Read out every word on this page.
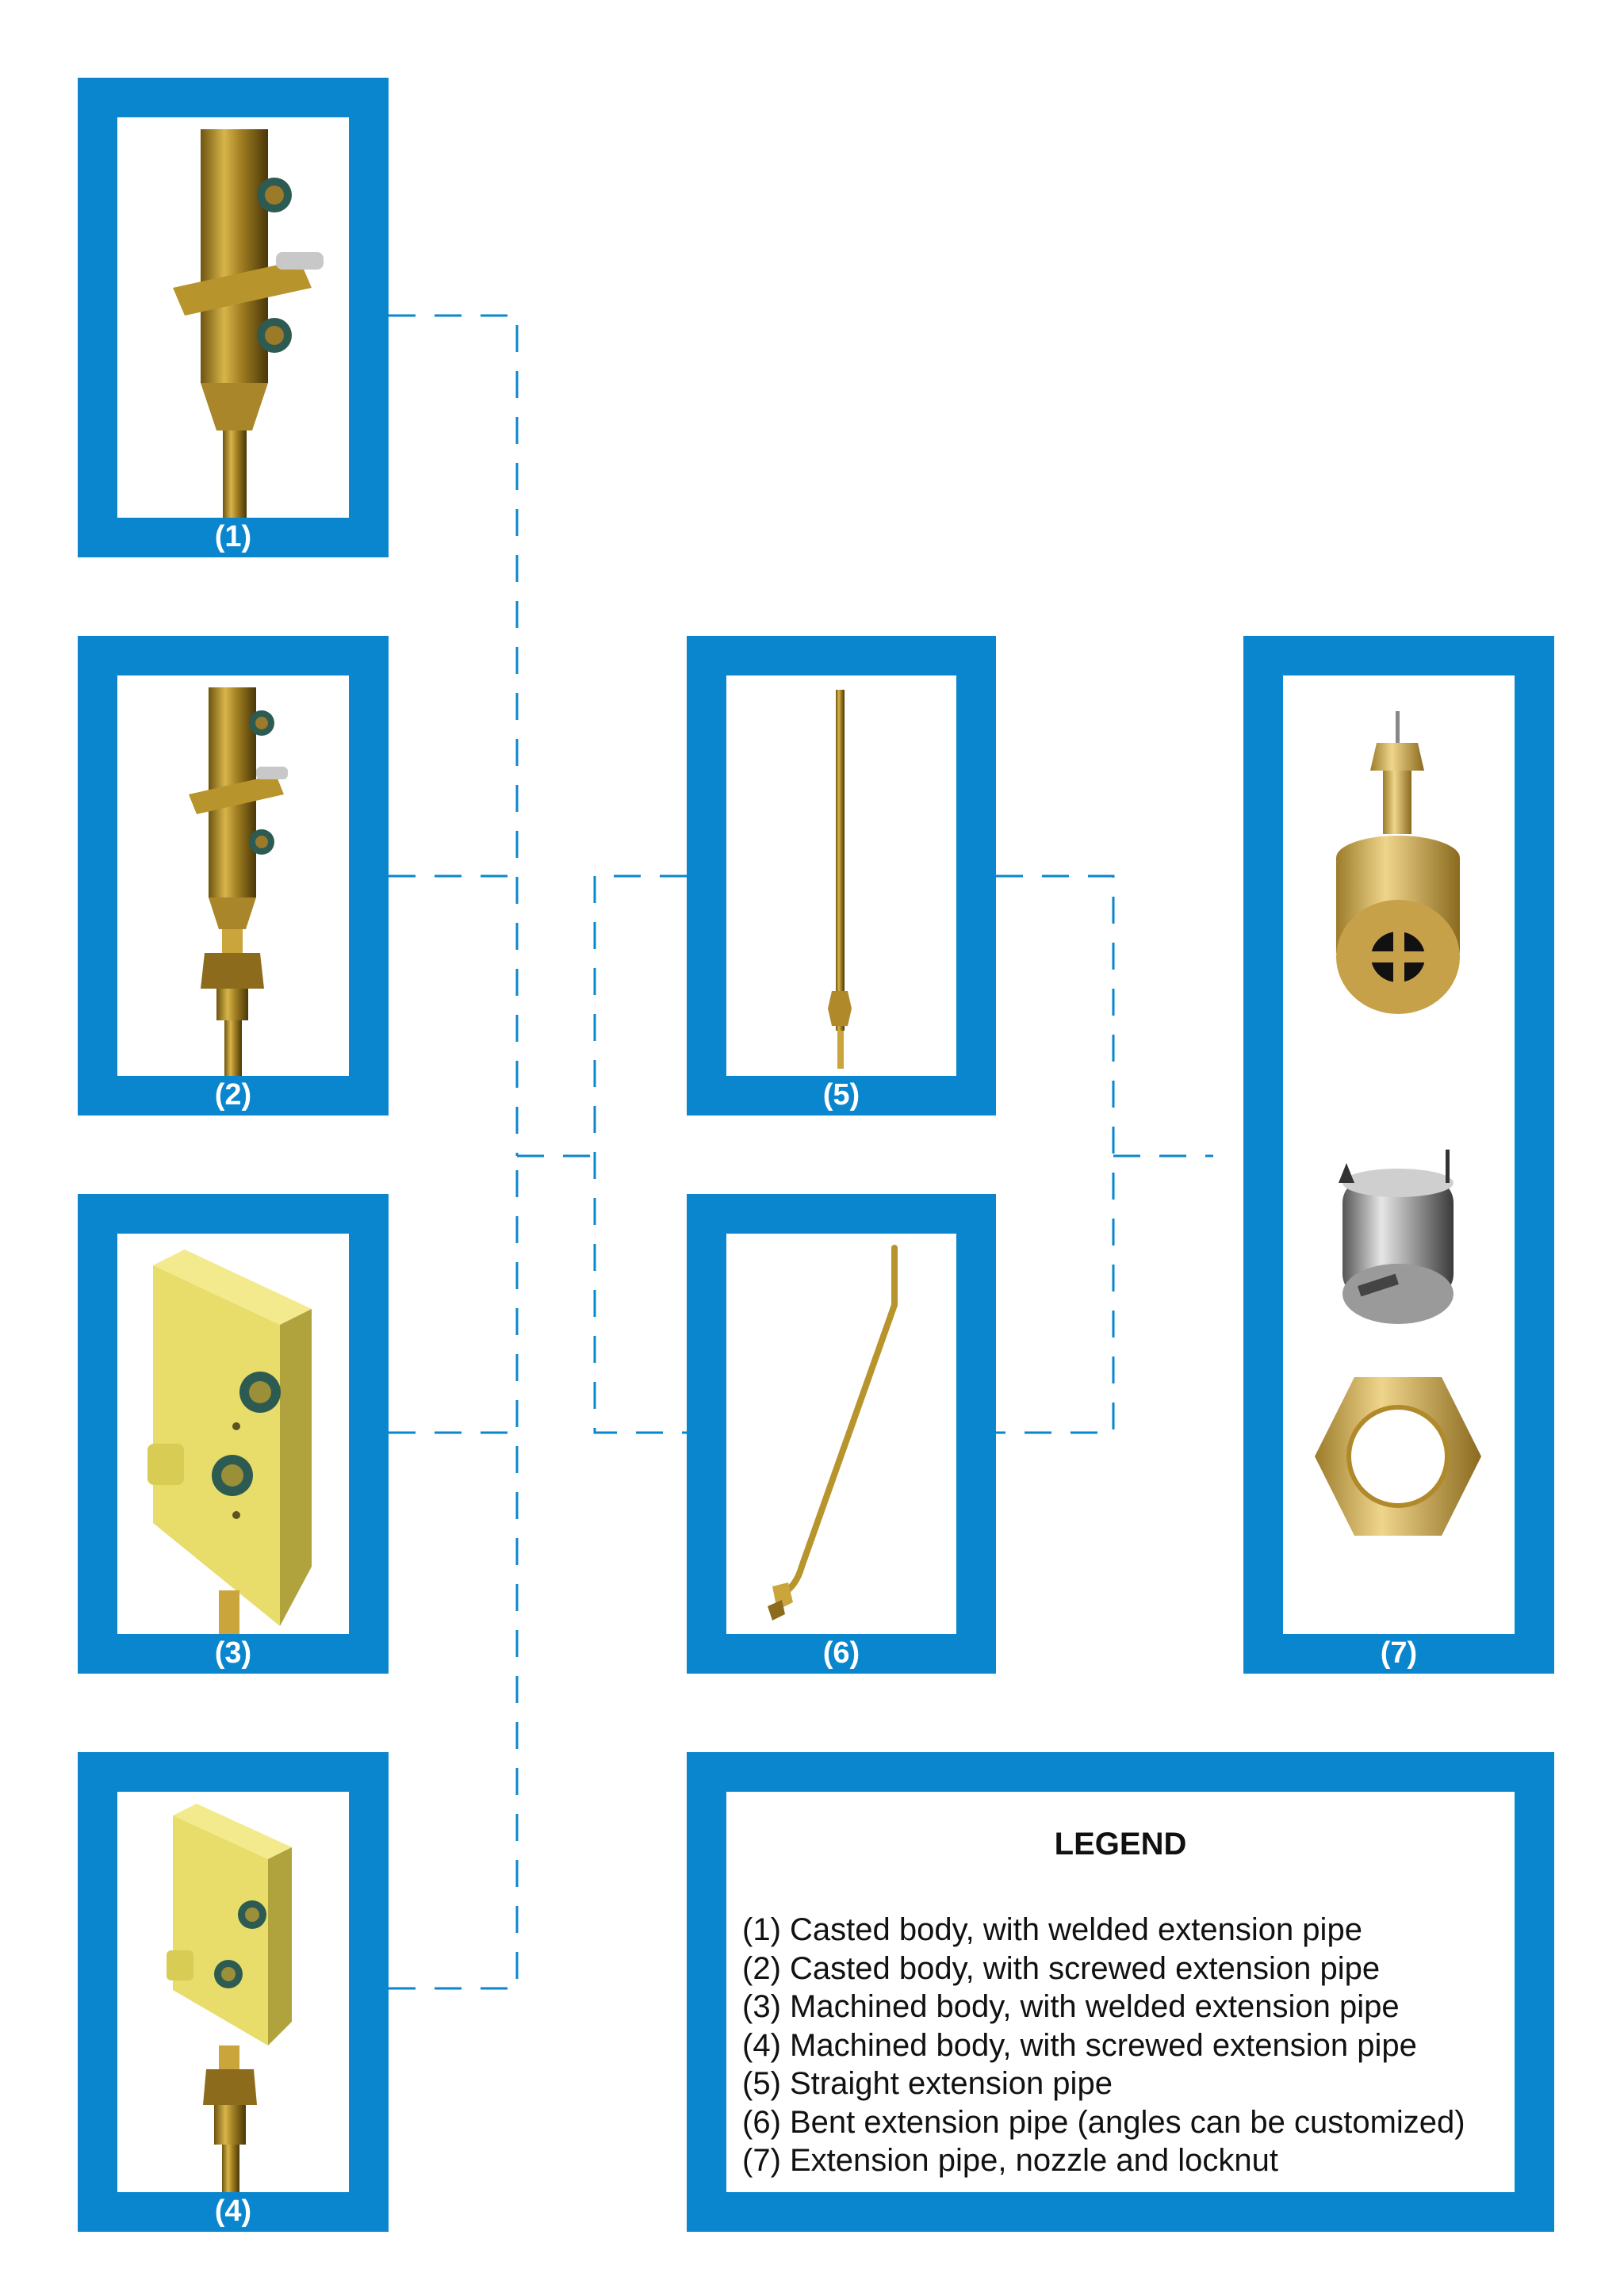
(1)
(2)
(3)
(4)
(5)
(6)	(7)
LEGEND
(1) Casted body, with welded extension pipe
(2) Casted body, with screwed extension pipe
(3) Machined body, with welded extension pipe
(4) Machined body, with screwed extension pipe
(5) Straight extension pipe
(6) Bent extension pipe (angles can be customized)
(7) Extension pipe, nozzle and locknut
